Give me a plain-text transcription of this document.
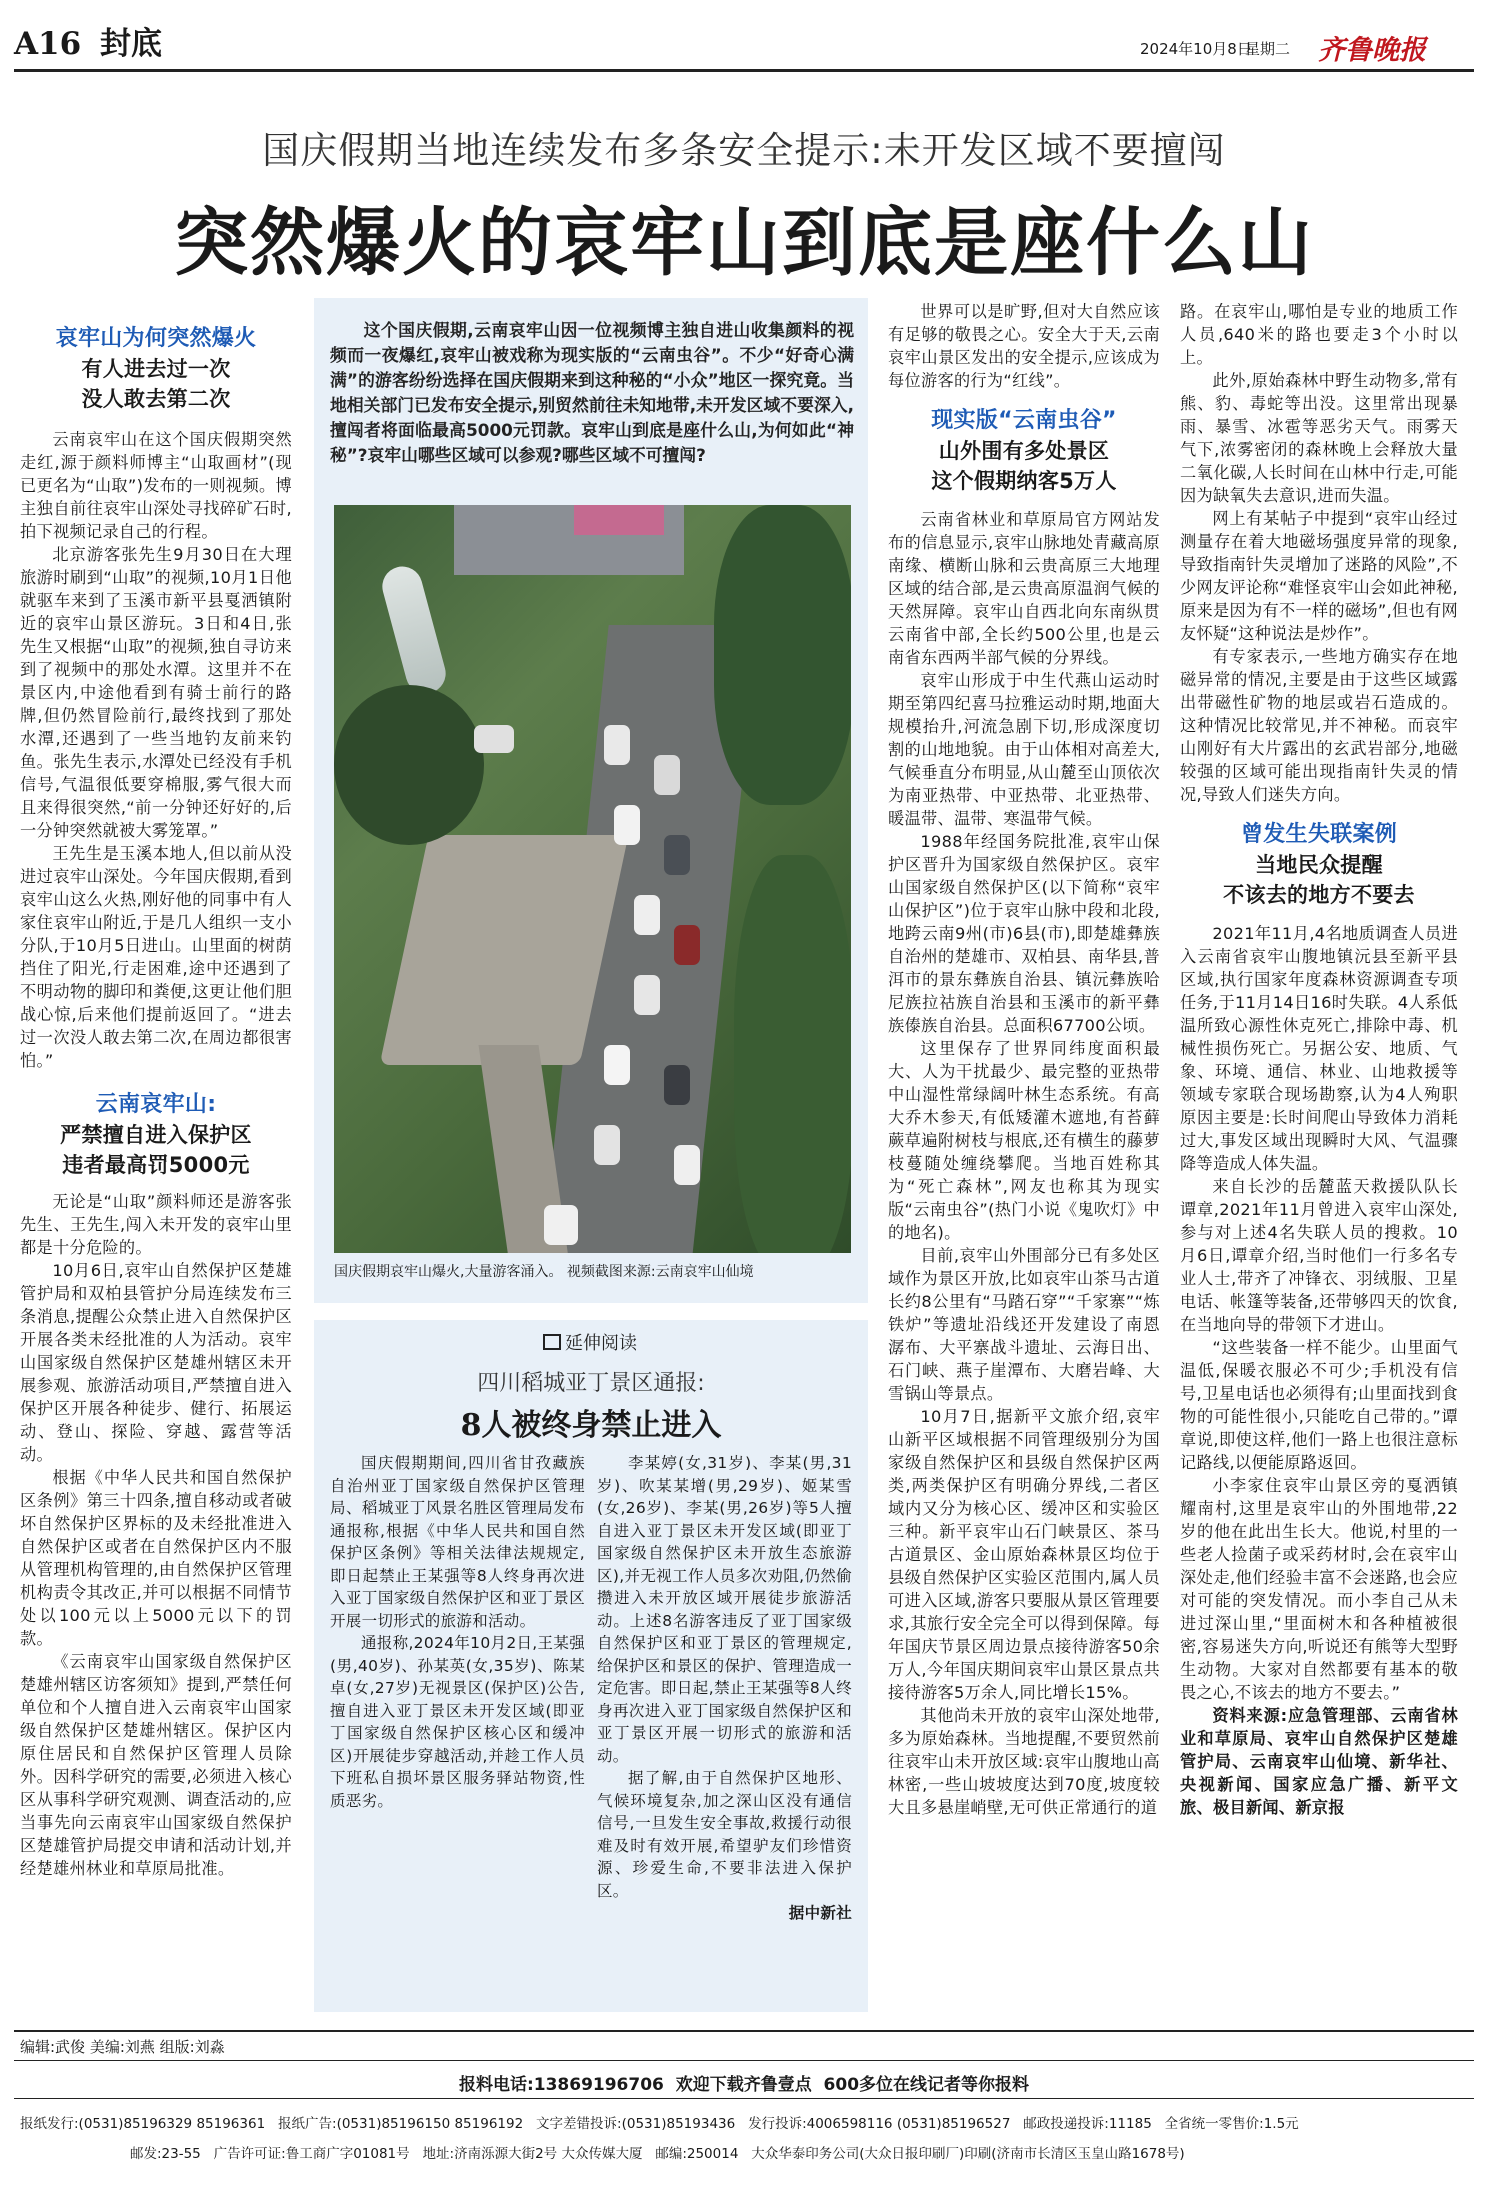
A16 封底	2024年10月8日
星期二 齐鲁晚报
国庆假期当地连续发布多条安全提示:未开发区域不要擅闯
突然爆火的哀牢山到底是座什么山
哀牢山为何突然爆火
有人进去过一次
没人敢去第二次

云南哀牢山在这个国庆假期突然走红,源于颜料师博主“山取画材”(现已更名为“山取”)发布的一则视频。博主独自前往哀牢山深处寻找碎矿石时,拍下视频记录自己的行程。

北京游客张先生9月30日在大理旅游时刷到“山取”的视频,10月1日他就驱车来到了玉溪市新平县戛洒镇附近的哀牢山景区游玩。3日和4日,张先生又根据“山取”的视频,独自寻访来到了视频中的那处水潭。这里并不在景区内,中途他看到有骑士前行的路牌,但仍然冒险前行,最终找到了那处水潭,还遇到了一些当地钓友前来钓鱼。张先生表示,水潭处已经没有手机信号,气温很低要穿棉服,雾气很大而且来得很突然,“前一分钟还好好的,后一分钟突然就被大雾笼罩。”

王先生是玉溪本地人,但以前从没进过哀牢山深处。今年国庆假期,看到哀牢山这么火热,刚好他的同事中有人家住哀牢山附近,于是几人组织一支小分队,于10月5日进山。山里面的树荫挡住了阳光,行走困难,途中还遇到了不明动物的脚印和粪便,这更让他们胆战心惊,后来他们提前返回了。“进去过一次没人敢去第二次,在周边都很害怕。”

云南哀牢山:
严禁擅自进入保护区
违者最高罚5000元

无论是“山取”颜料师还是游客张先生、王先生,闯入未开发的哀牢山里都是十分危险的。

10月6日,哀牢山自然保护区楚雄管护局和双柏县管护分局连续发布三条消息,提醒公众禁止进入自然保护区开展各类未经批准的人为活动。哀牢山国家级自然保护区楚雄州辖区未开展参观、旅游活动项目,严禁擅自进入保护区开展各种徒步、健行、拓展运动、登山、探险、穿越、露营等活动。

根据《中华人民共和国自然保护区条例》第三十四条,擅自移动或者破坏自然保护区界标的及未经批准进入自然保护区或者在自然保护区内不服从管理机构管理的,由自然保护区管理机构责令其改正,并可以根据不同情节处以100元以上5000元以下的罚款。

《云南哀牢山国家级自然保护区楚雄州辖区访客须知》提到,严禁任何单位和个人擅自进入云南哀牢山国家级自然保护区楚雄州辖区。保护区内原住居民和自然保护区管理人员除外。因科学研究的需要,必须进入核心区从事科学研究观测、调查活动的,应当事先向云南哀牢山国家级自然保护区楚雄管护局提交申请和活动计划,并经楚雄州林业和草原局批准。

这个国庆假期,云南哀牢山因一位视频博主独自进山收集颜料的视频而一夜爆红,哀牢山被戏称为现实版的“云南虫谷”。不少“好奇心满满”的游客纷纷选择在国庆假期来到这种秘的“小众”地区一探究竟。当地相关部门已发布安全提示,别贸然前往未知地带,未开发区域不要深入,擅闯者将面临最高5000元罚款。哀牢山到底是座什么山,为何如此“神秘”?哀牢山哪些区域可以参观?哪些区域不可擅闯?
国庆假期哀牢山爆火,大量游客涌入。 视频截图来源:云南哀牢山仙境
延伸阅读
四川稻城亚丁景区通报:
8人被终身禁止进入

国庆假期期间,四川省甘孜藏族自治州亚丁国家级自然保护区管理局、稻城亚丁风景名胜区管理局发布通报称,根据《中华人民共和国自然保护区条例》等相关法律法规规定,即日起禁止王某强等8人终身再次进入亚丁国家级自然保护区和亚丁景区开展一切形式的旅游和活动。

通报称,2024年10月2日,王某强(男,40岁)、孙某英(女,35岁)、陈某卓(女,27岁)无视景区(保护区)公告,擅自进入亚丁景区未开发区域(即亚丁国家级自然保护区核心区和缓冲区)开展徒步穿越活动,并趁工作人员下班私自损坏景区服务驿站物资,性质恶劣。

李某婷(女,31岁)、李某(男,31岁)、吹某某增(男,29岁)、姬某雪(女,26岁)、李某(男,26岁)等5人擅自进入亚丁景区未开发区域(即亚丁国家级自然保护区未开放生态旅游区),并无视工作人员多次劝阻,仍然偷攒进入未开放区域开展徒步旅游活动。上述8名游客违反了亚丁国家级自然保护区和亚丁景区的管理规定,给保护区和景区的保护、管理造成一定危害。即日起,禁止王某强等8人终身再次进入亚丁国家级自然保护区和亚丁景区开展一切形式的旅游和活动。

据了解,由于自然保护区地形、气候环境复杂,加之深山区没有通信信号,一旦发生安全事故,救援行动很难及时有效开展,希望驴友们珍惜资源、珍爱生命,不要非法进入保护区。

据中新社

世界可以是旷野,但对大自然应该有足够的敬畏之心。安全大于天,云南哀牢山景区发出的安全提示,应该成为每位游客的行为“红线”。

现实版“云南虫谷”
山外围有多处景区
这个假期纳客5万人

云南省林业和草原局官方网站发布的信息显示,哀牢山脉地处青藏高原南缘、横断山脉和云贵高原三大地理区域的结合部,是云贵高原温润气候的天然屏障。哀牢山自西北向东南纵贯云南省中部,全长约500公里,也是云南省东西两半部气候的分界线。

哀牢山形成于中生代燕山运动时期至第四纪喜马拉雅运动时期,地面大规模抬升,河流急剧下切,形成深度切割的山地地貌。由于山体相对高差大,气候垂直分布明显,从山麓至山顶依次为南亚热带、中亚热带、北亚热带、暖温带、温带、寒温带气候。

1988年经国务院批准,哀牢山保护区晋升为国家级自然保护区。哀牢山国家级自然保护区(以下简称“哀牢山保护区”)位于哀牢山脉中段和北段,地跨云南9州(市)6县(市),即楚雄彝族自治州的楚雄市、双柏县、南华县,普洱市的景东彝族自治县、镇沅彝族哈尼族拉祜族自治县和玉溪市的新平彝族傣族自治县。总面积67700公顷。

这里保存了世界同纬度面积最大、人为干扰最少、最完整的亚热带中山湿性常绿阔叶林生态系统。有高大乔木参天,有低矮灌木遮地,有苔藓蕨草遍附树枝与根底,还有横生的藤萝枝蔓随处缠绕攀爬。当地百姓称其为“死亡森林”,网友也称其为现实版“云南虫谷”(热门小说《鬼吹灯》中的地名)。

目前,哀牢山外围部分已有多处区域作为景区开放,比如哀牢山茶马古道长约8公里有“马踏石穿”“千家寨”“炼铁炉”等遗址沿线还开发建设了南恩潺布、大平寨战斗遗址、云海日出、石门峡、燕子崖潭布、大磨岩峰、大雪锅山等景点。

10月7日,据新平文旅介绍,哀牢山新平区域根据不同管理级别分为国家级自然保护区和县级自然保护区两类,两类保护区有明确分界线,二者区域内又分为核心区、缓冲区和实验区三种。新平哀牢山石门峡景区、茶马古道景区、金山原始森林景区均位于县级自然保护区实验区范围内,属人员可进入区域,游客只要服从景区管理要求,其旅行安全完全可以得到保障。每年国庆节景区周边景点接待游客50余万人,今年国庆期间哀牢山景区景点共接待游客5万余人,同比增长15%。

其他尚未开放的哀牢山深处地带,多为原始森林。当地提醒,不要贸然前往哀牢山未开放区域:哀牢山腹地山高林密,一些山坡坡度达到70度,坡度较大且多悬崖峭壁,无可供正常通行的道

路。在哀牢山,哪怕是专业的地质工作人员,640米的路也要走3个小时以上。

此外,原始森林中野生动物多,常有熊、豹、毒蛇等出没。这里常出现暴雨、暴雪、冰雹等恶劣天气。雨雾天气下,浓雾密闭的森林晚上会释放大量二氧化碳,人长时间在山林中行走,可能因为缺氧失去意识,进而失温。

网上有某帖子中提到“哀牢山经过测量存在着大地磁场强度异常的现象,导致指南针失灵增加了迷路的风险”,不少网友评论称“难怪哀牢山会如此神秘,原来是因为有不一样的磁场”,但也有网友怀疑“这种说法是炒作”。

有专家表示,一些地方确实存在地磁异常的情况,主要是由于这些区域露出带磁性矿物的地层或岩石造成的。这种情况比较常见,并不神秘。而哀牢山刚好有大片露出的玄武岩部分,地磁较强的区域可能出现指南针失灵的情况,导致人们迷失方向。

曾发生失联案例
当地民众提醒
不该去的地方不要去

2021年11月,4名地质调查人员进入云南省哀牢山腹地镇沅县至新平县区域,执行国家年度森林资源调查专项任务,于11月14日16时失联。4人系低温所致心源性休克死亡,排除中毒、机械性损伤死亡。另据公安、地质、气象、环境、通信、林业、山地救援等领域专家联合现场勘察,认为4人殉职原因主要是:长时间爬山导致体力消耗过大,事发区域出现瞬时大风、气温骤降等造成人体失温。

来自长沙的岳麓蓝天救援队队长谭章,2021年11月曾进入哀牢山深处,参与对上述4名失联人员的搜救。10月6日,谭章介绍,当时他们一行多名专业人士,带齐了冲锋衣、羽绒服、卫星电话、帐篷等装备,还带够四天的饮食,在当地向导的带领下才进山。

“这些装备一样不能少。山里面气温低,保暖衣服必不可少;手机没有信号,卫星电话也必须得有;山里面找到食物的可能性很小,只能吃自己带的。”谭章说,即使这样,他们一路上也很注意标记路线,以便能原路返回。

小李家住哀牢山景区旁的戛洒镇耀南村,这里是哀牢山的外围地带,22岁的他在此出生长大。他说,村里的一些老人捡菌子或采药材时,会在哀牢山深处走,他们经验丰富不会迷路,也会应对可能的突发情况。而小李自己从未进过深山里,“里面树木和各种植被很密,容易迷失方向,听说还有熊等大型野生动物。大家对自然都要有基本的敬畏之心,不该去的地方不要去。”

资料来源:应急管理部、云南省林业和草原局、哀牢山自然保护区楚雄管护局、云南哀牢山仙境、新华社、央视新闻、国家应急广播、新平文旅、极目新闻、新京报

编辑:武俊 美编:刘燕 组版:刘淼
报料电话:13869196706  欢迎下载齐鲁壹点  600多位在线记者等你报料
报纸发行:(0531)85196329 85196361   报纸广告:(0531)85196150 85196192   文字差错投诉:(0531)85193436   发行投诉:4006598116 (0531)85196527   邮政投递投诉:11185   全省统一零售价:1.5元
邮发:23-55   广告许可证:鲁工商广字01081号   地址:济南泺源大街2号 大众传媒大厦   邮编:250014   大众华泰印务公司(大众日报印刷厂)印刷(济南市长清区玉皇山路1678号)
